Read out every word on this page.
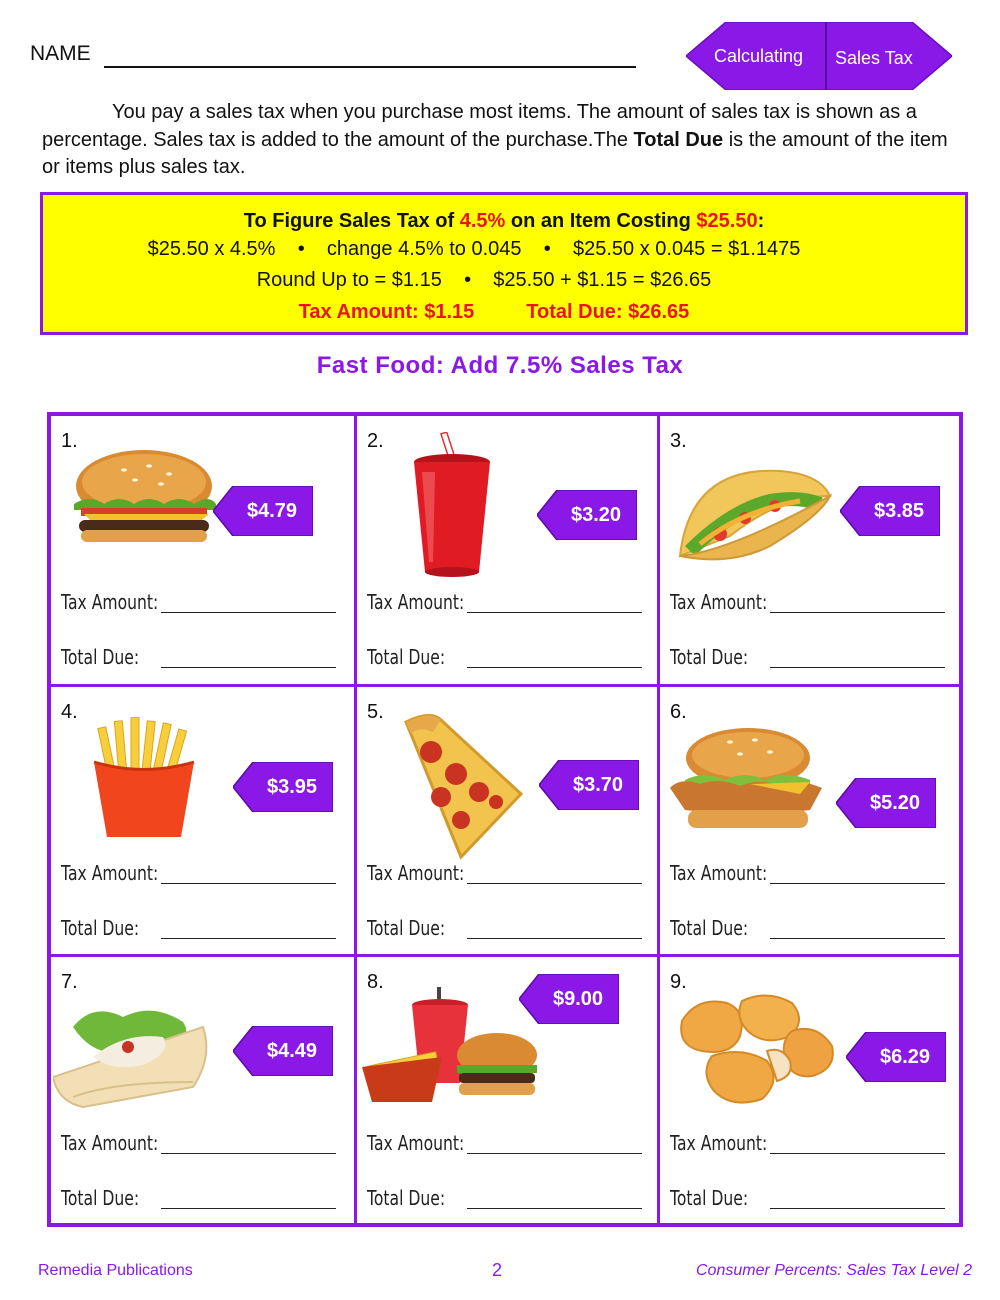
NAME	Calculating Sales Tax
You pay a sales tax when you purchase most items. The amount of sales tax is shown as a percentage. Sales tax is added to the amount of the purchase.The Total Due is the amount of the item or items plus sales tax.
To Figure Sales Tax of 4.5% on an Item Costing $25.50:
$25.50 x 4.5%    •    change 4.5% to 0.045    •    $25.50 x 0.045 = $1.1475
Round Up to = $1.15    •    $25.50 + $1.15 = $26.65
Tax Amount: $1.15	Total Due: $26.65
Fast Food: Add 7.5% Sales Tax
1.
$4.79
Tax Amount:
Total Due:
2.
$3.20
Tax Amount:
Total Due:
3.
$3.85
Tax Amount:
Total Due:
4.
$3.95
Tax Amount:
Total Due:
5.
$3.70
Tax Amount:
Total Due:
6.
$5.20
Tax Amount:
Total Due:
7.
$4.49
Tax Amount:
Total Due:
8.
$9.00
Tax Amount:
Total Due:
9.
$6.29
Tax Amount:
Total Due:
Remedia Publications	2	Consumer Percents: Sales Tax Level 2
